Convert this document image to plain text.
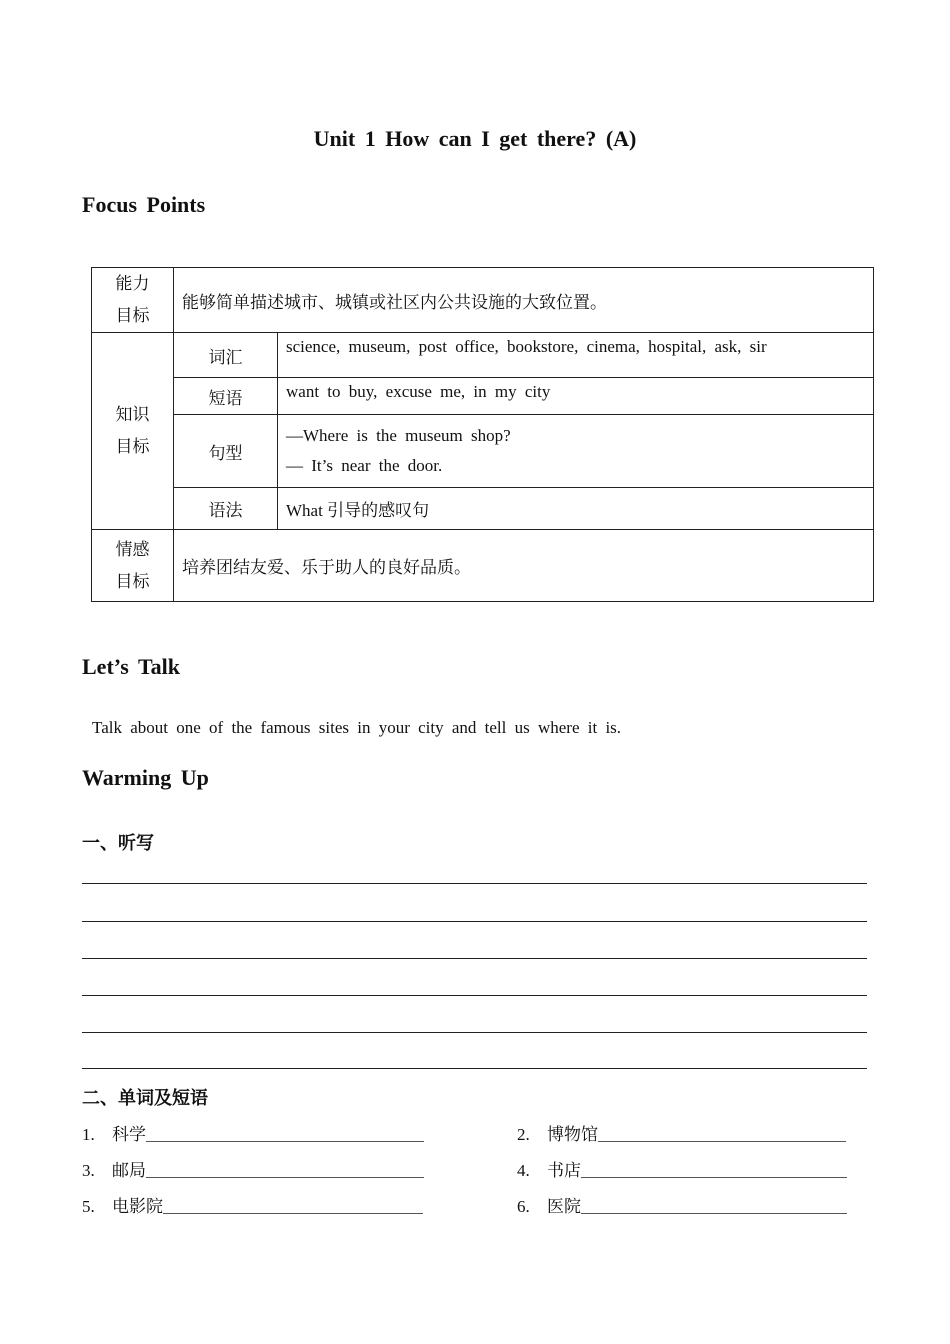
Unit 1 How can I get there? (A)
Focus Points
能力
目标	能够简单描述城市、城镇或社区内公共设施的大致位置。	

知识
目标	词汇	science, museum, post office, bookstore, cinema, hospital, ask, sir
	短语	want to buy, excuse me, in my city
	句型	—Where is the museum shop?
— It’s near the door.

	语法	What 引导的感叹句

情感
目标	培养团结友爱、乐于助人的良好品质。	
Let’s Talk
Talk about one of the famous sites in your city and tell us where it is.
Warming Up
一、听写
二、单词及短语
1.	科学	2.	博物馆
3.	邮局	4.	书店
5.	电影院	6.	医院
